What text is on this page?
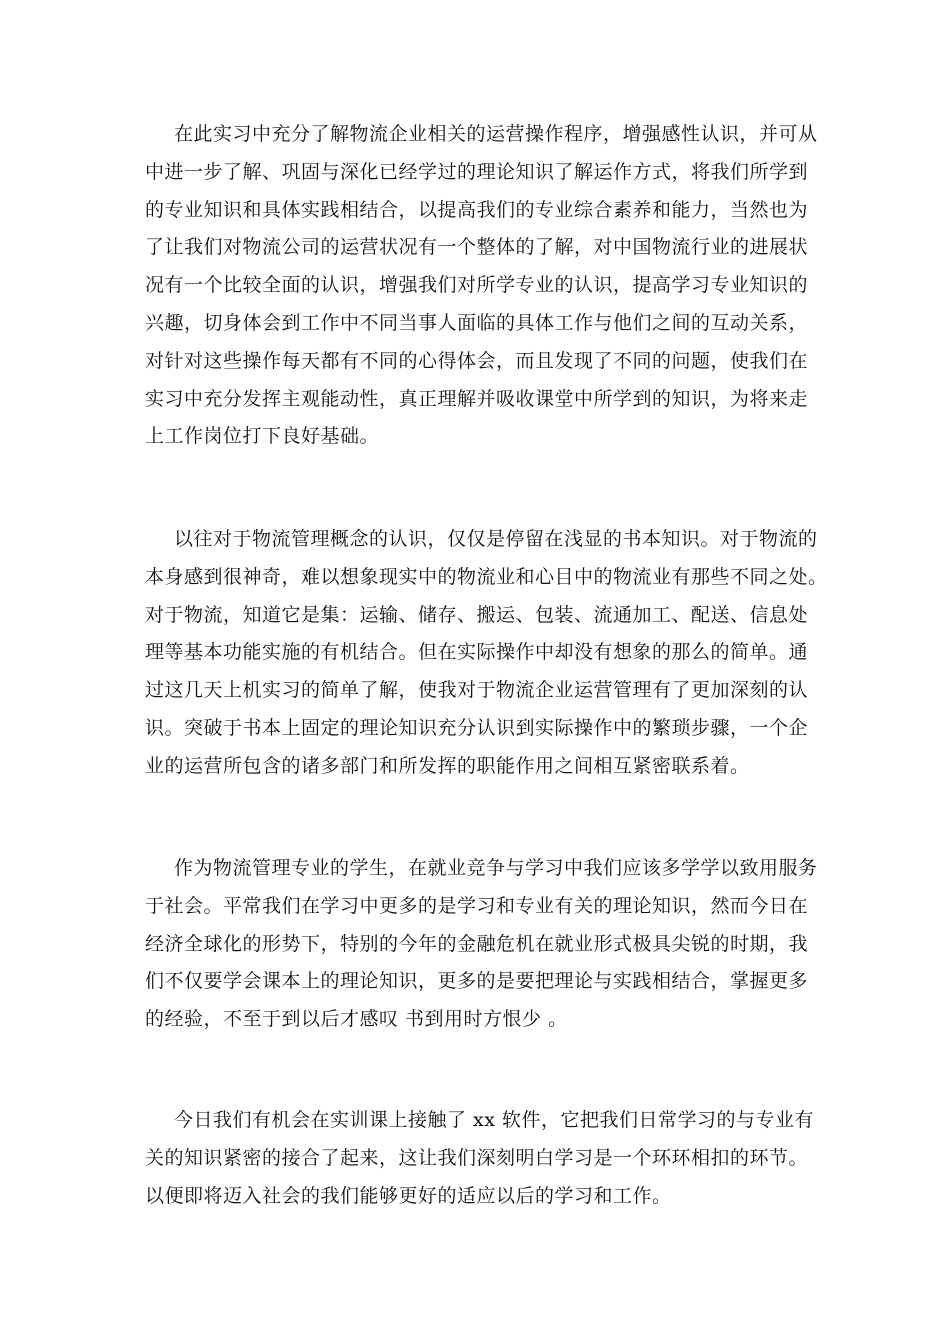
在此实习中充分了解物流企业相关的运营操作程序，增强感性认识，并可从
中进一步了解、巩固与深化已经学过的理论知识了解运作方式，将我们所学到
的专业知识和具体实践相结合，以提高我们的专业综合素养和能力，当然也为
了让我们对物流公司的运营状况有一个整体的了解，对中国物流行业的进展状
况有一个比较全面的认识，增强我们对所学专业的认识，提高学习专业知识的
兴趣，切身体会到工作中不同当事人面临的具体工作与他们之间的互动关系，
对针对这些操作每天都有不同的心得体会，而且发现了不同的问题，使我们在
实习中充分发挥主观能动性，真正理解并吸收课堂中所学到的知识，为将来走
上工作岗位打下良好基础。

以往对于物流管理概念的认识，仅仅是停留在浅显的书本知识。对于物流的
本身感到很神奇，难以想象现实中的物流业和心目中的物流业有那些不同之处。
对于物流，知道它是集：运输、储存、搬运、包装、流通加工、配送、信息处
理等基本功能实施的有机结合。但在实际操作中却没有想象的那么的简单。通
过这几天上机实习的简单了解，使我对于物流企业运营管理有了更加深刻的认
识。突破于书本上固定的理论知识充分认识到实际操作中的繁琐步骤，一个企
业的运营所包含的诸多部门和所发挥的职能作用之间相互紧密联系着。

作为物流管理专业的学生，在就业竞争与学习中我们应该多学学以致用服务
于社会。平常我们在学习中更多的是学习和专业有关的理论知识，然而今日在
经济全球化的形势下，特别的今年的金融危机在就业形式极具尖锐的时期，我
们不仅要学会课本上的理论知识，更多的是要把理论与实践相结合，掌握更多
的经验，不至于到以后才感叹 书到用时方恨少 。

今日我们有机会在实训课上接触了 xx 软件，它把我们日常学习的与专业有
关的知识紧密的接合了起来，这让我们深刻明白学习是一个环环相扣的环节。
以便即将迈入社会的我们能够更好的适应以后的学习和工作。
